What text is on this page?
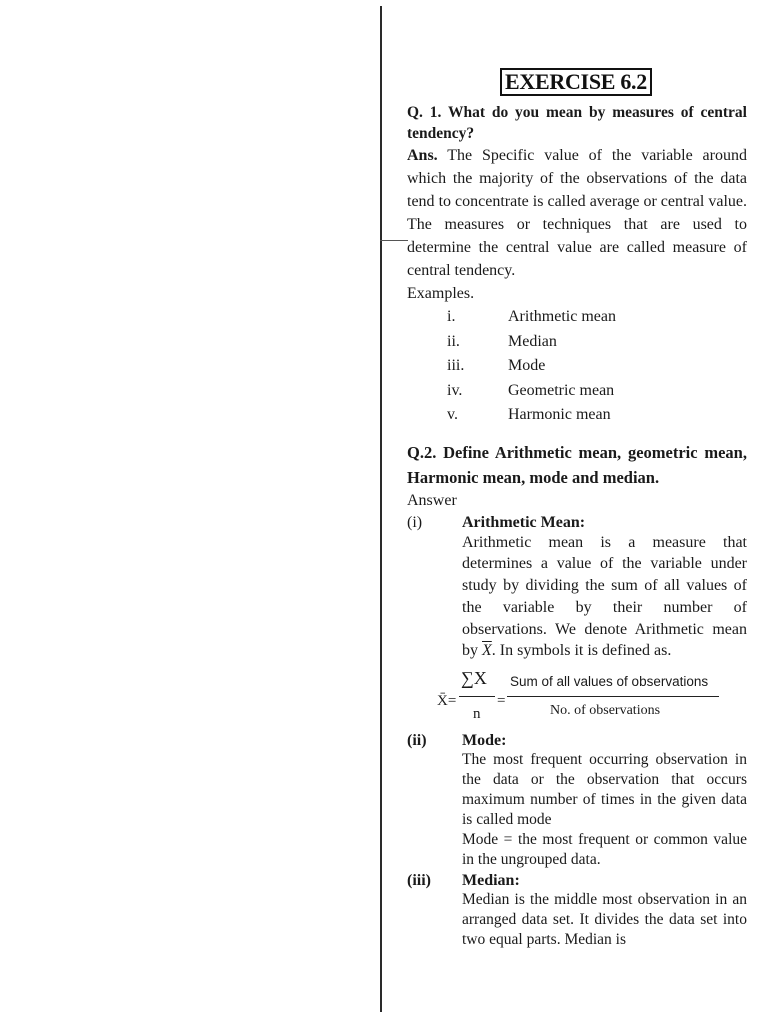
EXERCISE 6.2

Q. 1. What do you mean by measures of central tendency?

Ans. The Specific value of the variable around which the majority of the observations of the data tend to concentrate is called average or central value. The measures or techniques that are used to determine the central value are called measure of central tendency.

Examples.

i.	Arithmetic mean
ii.	Median
iii.	Mode
iv.	Geometric mean
v.	Harmonic mean

Q.2. Define Arithmetic mean, geometric mean, Harmonic mean, mode and median.

Answer

(i)	Arithmetic Mean:

Arithmetic mean is a measure that determines a value of the variable under study by dividing the sum of all values of the variable by their number of observations. We denote Arithmetic mean by $\overline{X}$. In symbols it is defined as.

X̄=
∑X
n
=
Sum of all values of observations
No. of observations
(ii)	Mode:

The most frequent occurring observation in the data or the observation that occurs maximum number of times in the given data is called mode

Mode = the most frequent or common value in the ungrouped data.

(iii)	Median:

Median is the middle most observation in an arranged data set. It divides the data set into two equal parts. Median is
